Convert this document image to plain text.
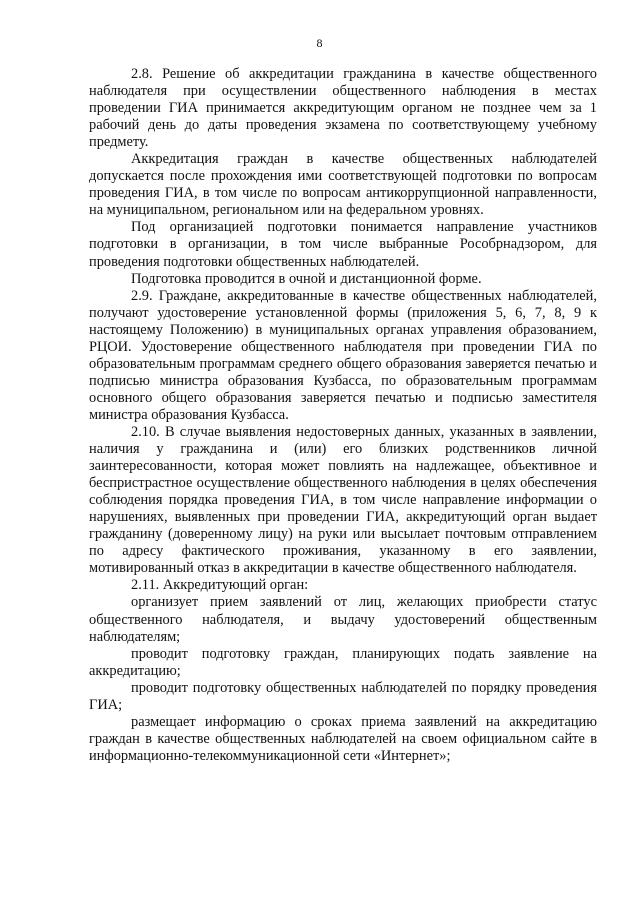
8

2.8. Решение об аккредитации гражданина в качестве общественного наблюдателя при осуществлении общественного наблюдения в местах проведении ГИА принимается аккредитующим органом не позднее чем за 1 рабочий день до даты проведения экзамена по соответствующему учебному предмету.

Аккредитация граждан в качестве общественных наблюдателей допускается после прохождения ими соответствующей подготовки по вопросам проведения ГИА, в том числе по вопросам антикоррупционной направленности, на муниципальном, региональном или на федеральном уровнях.

Под организацией подготовки понимается направление участников подготовки в организации, в том числе выбранные Рособрнадзором, для проведения подготовки общественных наблюдателей.

Подготовка проводится в очной и дистанционной форме.

2.9. Граждане, аккредитованные в качестве общественных наблюдателей, получают удостоверение установленной формы (приложения 5, 6, 7, 8, 9 к настоящему Положению) в муниципальных органах управления образованием, РЦОИ. Удостоверение общественного наблюдателя при проведении ГИА по образовательным программам среднего общего образования заверяется печатью и подписью министра образования Кузбасса, по образовательным программам основного общего образования заверяется печатью и подписью заместителя министра образования Кузбасса.

2.10. В случае выявления недостоверных данных, указанных в заявлении, наличия у гражданина и (или) его близких родственников личной заинтересованности, которая может повлиять на надлежащее, объективное и беспристрастное осуществление общественного наблюдения в целях обеспечения соблюдения порядка проведения ГИА, в том числе направление информации о нарушениях, выявленных при проведении ГИА, аккредитующий орган выдает гражданину (доверенному лицу) на руки или высылает почтовым отправлением по адресу фактического проживания, указанному в его заявлении, мотивированный отказ в аккредитации в качестве общественного наблюдателя.

2.11. Аккредитующий орган:

организует прием заявлений от лиц, желающих приобрести статус общественного наблюдателя, и выдачу удостоверений общественным наблюдателям;

проводит подготовку граждан, планирующих подать заявление на аккредитацию;

проводит подготовку общественных наблюдателей по порядку проведения ГИА;

размещает информацию о сроках приема заявлений на аккредитацию граждан в качестве общественных наблюдателей на своем официальном сайте в информационно-телекоммуникационной сети «Интернет»;
